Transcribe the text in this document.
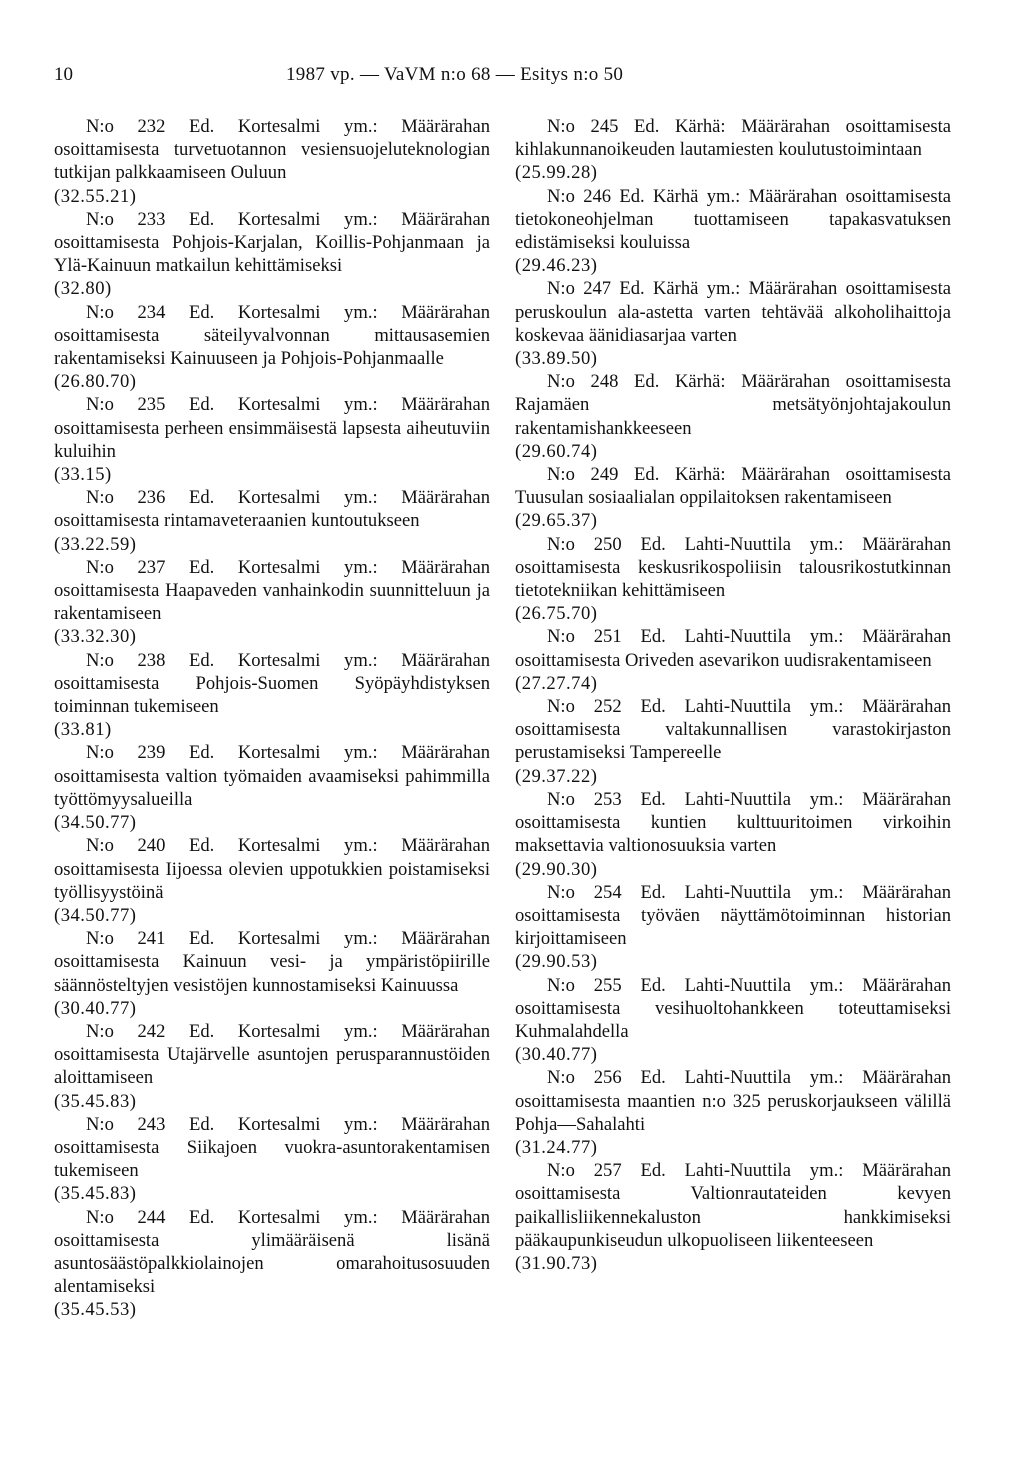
10	1987 vp. — VaVM n:o 68 — Esitys n:o 50

N:o 232 Ed. Kortesalmi ym.: Määrärahan osoittamisesta turvetuotannon vesiensuojeluteknologian tutkijan palkkaamiseen Ouluun

(32.55.21)

N:o 233 Ed. Kortesalmi ym.: Määrärahan osoittamisesta Pohjois-Karjalan, Koillis-Pohjanmaan ja Ylä-Kainuun matkailun kehittämiseksi

(32.80)

N:o 234 Ed. Kortesalmi ym.: Määrärahan osoittamisesta säteilyvalvonnan mittausasemien rakentamiseksi Kainuuseen ja Pohjois-Pohjanmaalle

(26.80.70)

N:o 235 Ed. Kortesalmi ym.: Määrärahan osoittamisesta perheen ensimmäisestä lapsesta aiheutuviin kuluihin

(33.15)

N:o 236 Ed. Kortesalmi ym.: Määrärahan osoittamisesta rintamaveteraanien kuntoutukseen

(33.22.59)

N:o 237 Ed. Kortesalmi ym.: Määrärahan osoittamisesta Haapaveden vanhainkodin suunnitteluun ja rakentamiseen

(33.32.30)

N:o 238 Ed. Kortesalmi ym.: Määrärahan osoittamisesta Pohjois-Suomen Syöpäyhdistyksen toiminnan tukemiseen

(33.81)

N:o 239 Ed. Kortesalmi ym.: Määrärahan osoittamisesta valtion työmaiden avaamiseksi pahimmilla työttömyysalueilla

(34.50.77)

N:o 240 Ed. Kortesalmi ym.: Määrärahan osoittamisesta Iijoessa olevien uppotukkien poistamiseksi työllisyystöinä

(34.50.77)

N:o 241 Ed. Kortesalmi ym.: Määrärahan osoittamisesta Kainuun vesi- ja ympäristöpiirille säännösteltyjen vesistöjen kunnostamiseksi Kainuussa

(30.40.77)

N:o 242 Ed. Kortesalmi ym.: Määrärahan osoittamisesta Utajärvelle asuntojen perusparannustöiden aloittamiseen

(35.45.83)

N:o 243 Ed. Kortesalmi ym.: Määrärahan osoittamisesta Siikajoen vuokra-asuntorakentamisen tukemiseen

(35.45.83)

N:o 244 Ed. Kortesalmi ym.: Määrärahan osoittamisesta ylimääräisenä lisänä asuntosäästöpalkkiolainojen omarahoitusosuuden alentamiseksi

(35.45.53)

N:o 245 Ed. Kärhä: Määrärahan osoittamisesta kihlakunnanoikeuden lautamiesten koulutustoimintaan

(25.99.28)

N:o 246 Ed. Kärhä ym.: Määrärahan osoittamisesta tietokoneohjelman tuottamiseen tapakasvatuksen edistämiseksi kouluissa

(29.46.23)

N:o 247 Ed. Kärhä ym.: Määrärahan osoittamisesta peruskoulun ala-astetta varten tehtävää alkoholihaittoja koskevaa äänidiasarjaa varten

(33.89.50)

N:o 248 Ed. Kärhä: Määrärahan osoittamisesta Rajamäen metsätyönjohtajakoulun rakentamishankkeeseen

(29.60.74)

N:o 249 Ed. Kärhä: Määrärahan osoittamisesta Tuusulan sosiaalialan oppilaitoksen rakentamiseen

(29.65.37)

N:o 250 Ed. Lahti-Nuuttila ym.: Määrärahan osoittamisesta keskusrikospoliisin talousrikostutkinnan tietotekniikan kehittämiseen

(26.75.70)

N:o 251 Ed. Lahti-Nuuttila ym.: Määrärahan osoittamisesta Oriveden asevarikon uudisrakentamiseen

(27.27.74)

N:o 252 Ed. Lahti-Nuuttila ym.: Määrärahan osoittamisesta valtakunnallisen varastokirjaston perustamiseksi Tampereelle

(29.37.22)

N:o 253 Ed. Lahti-Nuuttila ym.: Määrärahan osoittamisesta kuntien kulttuuritoimen virkoihin maksettavia valtionosuuksia varten

(29.90.30)

N:o 254 Ed. Lahti-Nuuttila ym.: Määrärahan osoittamisesta työväen näyttämötoiminnan historian kirjoittamiseen

(29.90.53)

N:o 255 Ed. Lahti-Nuuttila ym.: Määrärahan osoittamisesta vesihuoltohankkeen toteuttamiseksi Kuhmalahdella

(30.40.77)

N:o 256 Ed. Lahti-Nuuttila ym.: Määrärahan osoittamisesta maantien n:o 325 peruskorjaukseen välillä Pohja—Sahalahti

(31.24.77)

N:o 257 Ed. Lahti-Nuuttila ym.: Määrärahan osoittamisesta Valtionrautateiden kevyen paikallisliikennekaluston hankkimiseksi pääkaupunkiseudun ulkopuoliseen liikenteeseen

(31.90.73)
